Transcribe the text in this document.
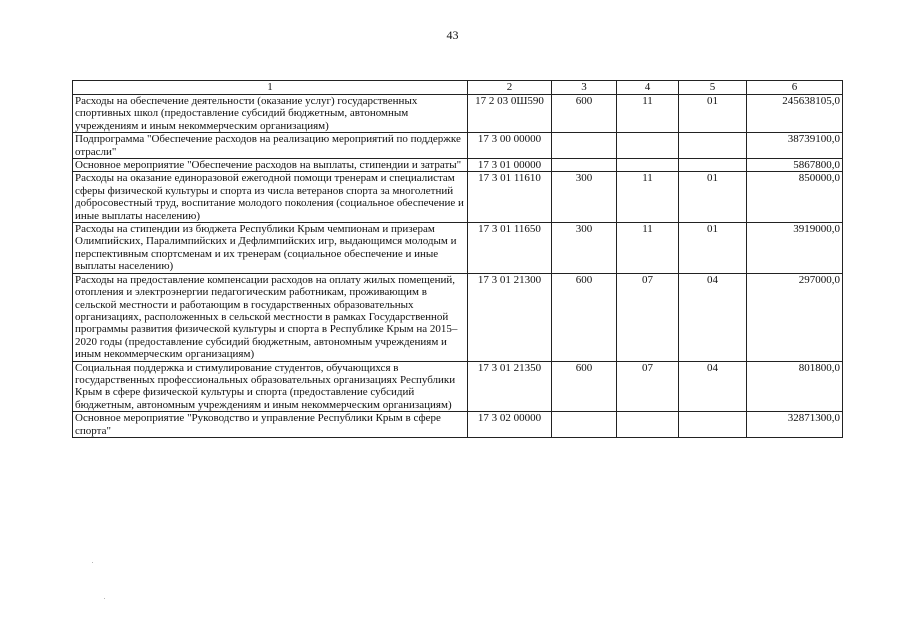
43
1	2	3	4	5	6
Расходы на обеспечение деятельности (оказание услуг) государственных спортивных школ (предоставление субсидий бюджетным, автономным учреждениям и иным некоммерческим организациям)	17 2 03 0Ш590	600	11	01	245638105,0
Подпрограмма "Обеспечение расходов на реализацию мероприятий по поддержке отрасли"	17 3 00 00000				38739100,0
Основное мероприятие "Обеспечение расходов на выплаты, стипендии и затраты"	17 3 01 00000				5867800,0
Расходы на оказание единоразовой ежегодной помощи тренерам и специалистам сферы физической культуры и спорта из числа ветеранов спорта за многолетний добросовестный труд, воспитание молодого поколения (социальное обеспечение и иные выплаты населению)	17 3 01 11610	300	11	01	850000,0
Расходы на стипендии из бюджета Республики Крым чемпионам и призерам Олимпийских, Паралимпийских и Дефлимпийских игр, выдающимся молодым и перспективным спортсменам и их тренерам (социальное обеспечение и иные выплаты населению)	17 3 01 11650	300	11	01	3919000,0
Расходы на предоставление компенсации расходов на оплату жилых помещений, отопления и электроэнергии педагогическим работникам, проживающим в сельской местности и работающим в государственных образовательных организациях, расположенных в сельской местности в рамках Государственной программы развития физической культуры и спорта в Республике Крым на 2015–2020 годы (предоставление субсидий бюджетным, автономным учреждениям и иным некоммерческим организациям)	17 3 01 21300	600	07	04	297000,0
Социальная поддержка и стимулирование студентов, обучающихся в государственных профессиональных образовательных организациях Республики Крым в сфере физической культуры и спорта (предоставление субсидий бюджетным, автономным учреждениям и иным некоммерческим организациям)	17 3 01 21350	600	07	04	801800,0
Основное мероприятие "Руководство и управление Республики Крым в сфере спорта"	17 3 02 00000				32871300,0
